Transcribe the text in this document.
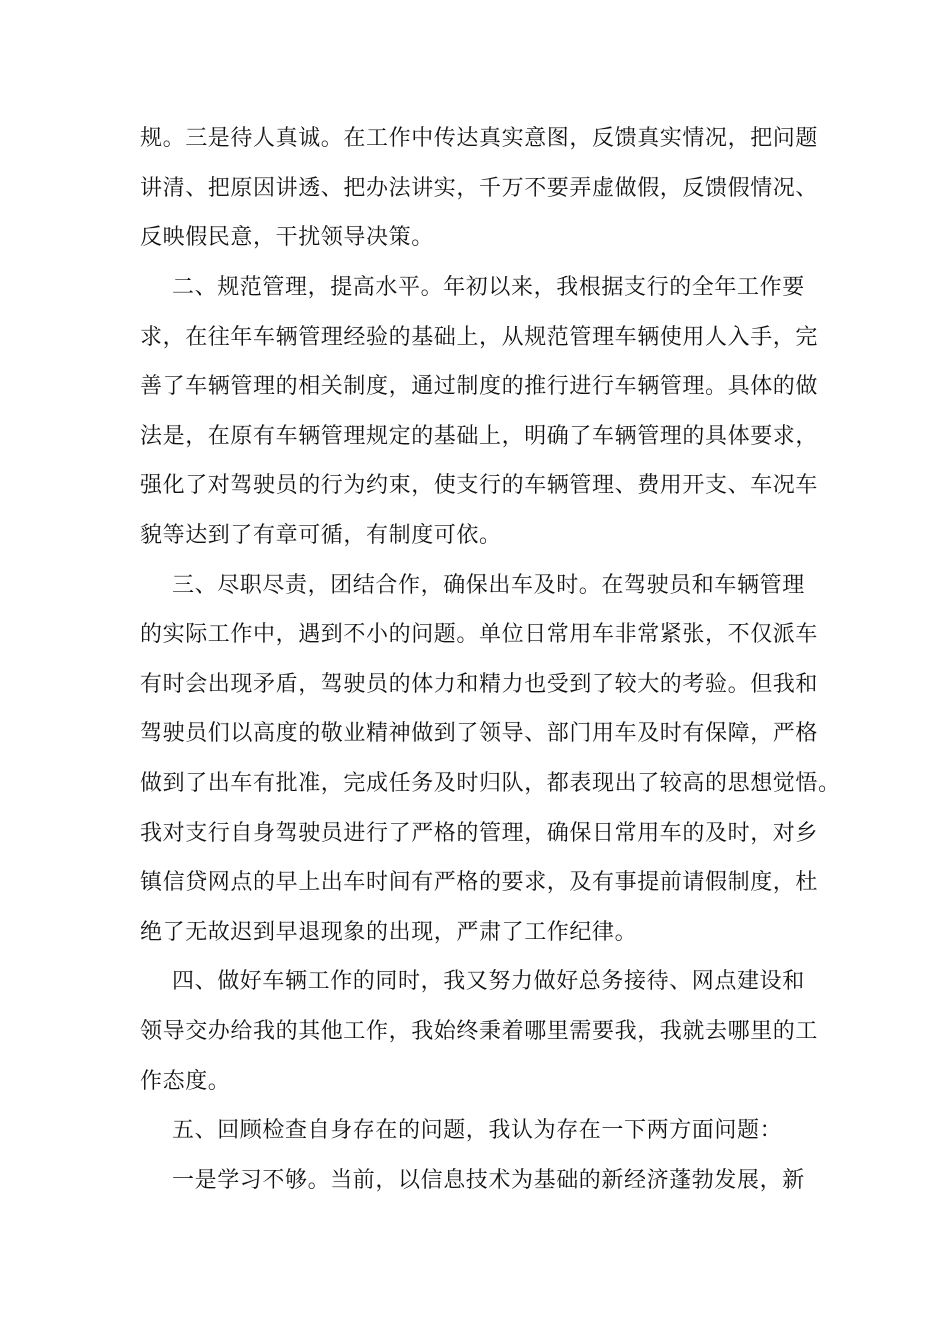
规。三是待人真诚。在工作中传达真实意图，反馈真实情况，把问题
讲清、把原因讲透、把办法讲实，千万不要弄虚做假，反馈假情况、
反映假民意，干扰领导决策。
二、规范管理，提高水平。年初以来，我根据支行的全年工作要
求，在往年车辆管理经验的基础上，从规范管理车辆使用人入手，完
善了车辆管理的相关制度，通过制度的推行进行车辆管理。具体的做
法是，在原有车辆管理规定的基础上，明确了车辆管理的具体要求，
强化了对驾驶员的行为约束，使支行的车辆管理、费用开支、车况车
貌等达到了有章可循，有制度可依。
三、尽职尽责，团结合作，确保出车及时。在驾驶员和车辆管理
的实际工作中，遇到不小的问题。单位日常用车非常紧张，不仅派车
有时会出现矛盾，驾驶员的体力和精力也受到了较大的考验。但我和
驾驶员们以高度的敬业精神做到了领导、部门用车及时有保障，严格
做到了出车有批准，完成任务及时归队，都表现出了较高的思想觉悟。
我对支行自身驾驶员进行了严格的管理，确保日常用车的及时，对乡
镇信贷网点的早上出车时间有严格的要求，及有事提前请假制度，杜
绝了无故迟到早退现象的出现，严肃了工作纪律。
四、做好车辆工作的同时，我又努力做好总务接待、网点建设和
领导交办给我的其他工作，我始终秉着哪里需要我，我就去哪里的工
作态度。
五、回顾检查自身存在的问题，我认为存在一下两方面问题：
一是学习不够。当前，以信息技术为基础的新经济蓬勃发展，新
